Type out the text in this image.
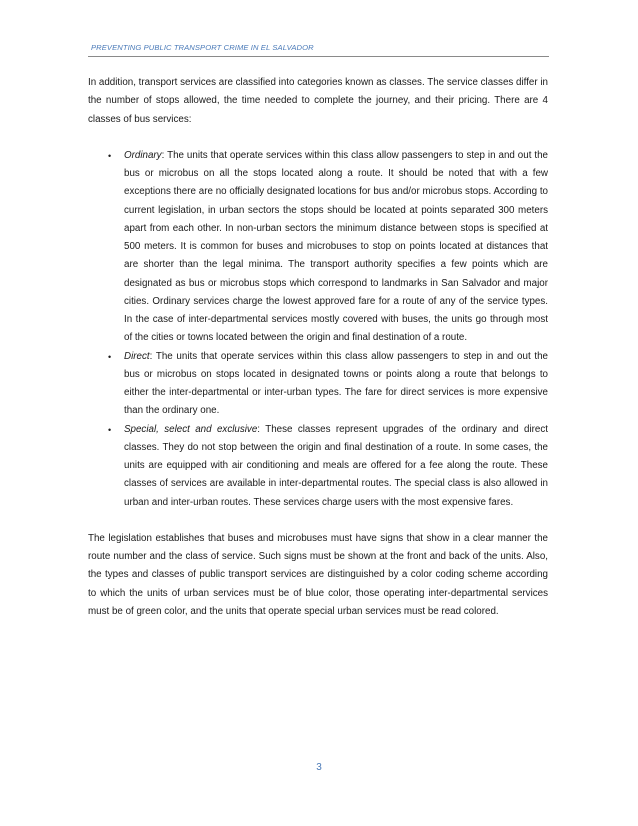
PREVENTING PUBLIC TRANSPORT CRIME IN EL SALVADOR

In addition, transport services are classified into categories known as classes. The service classes differ in the number of stops allowed, the time needed to complete the journey, and their pricing. There are 4 classes of bus services:

• Ordinary: The units that operate services within this class allow passengers to step in and out the bus or microbus on all the stops located along a route. It should be noted that with a few exceptions there are no officially designated locations for bus and/or microbus stops. According to current legislation, in urban sectors the stops should be located at points separated 300 meters apart from each other. In non-urban sectors the minimum distance between stops is specified at 500 meters. It is common for buses and microbuses to stop on points located at distances that are shorter than the legal minima. The transport authority specifies a few points which are designated as bus or microbus stops which correspond to landmarks in San Salvador and major cities. Ordinary services charge the lowest approved fare for a route of any of the service types. In the case of inter-departmental services mostly covered with buses, the units go through most of the cities or towns located between the origin and final destination of a route.
• Direct: The units that operate services within this class allow passengers to step in and out the bus or microbus on stops located in designated towns or points along a route that belongs to either the inter-departmental or inter-urban types. The fare for direct services is more expensive than the ordinary one.
• Special, select and exclusive: These classes represent upgrades of the ordinary and direct classes. They do not stop between the origin and final destination of a route. In some cases, the units are equipped with air conditioning and meals are offered for a fee along the route. These classes of services are available in inter-departmental routes. The special class is also allowed in urban and inter-urban routes. These services charge users with the most expensive fares.

The legislation establishes that buses and microbuses must have signs that show in a clear manner the route number and the class of service. Such signs must be shown at the front and back of the units. Also, the types and classes of public transport services are distinguished by a color coding scheme according to which the units of urban services must be of blue color, those operating inter-departmental services must be of green color, and the units that operate special urban services must be read colored.

3
